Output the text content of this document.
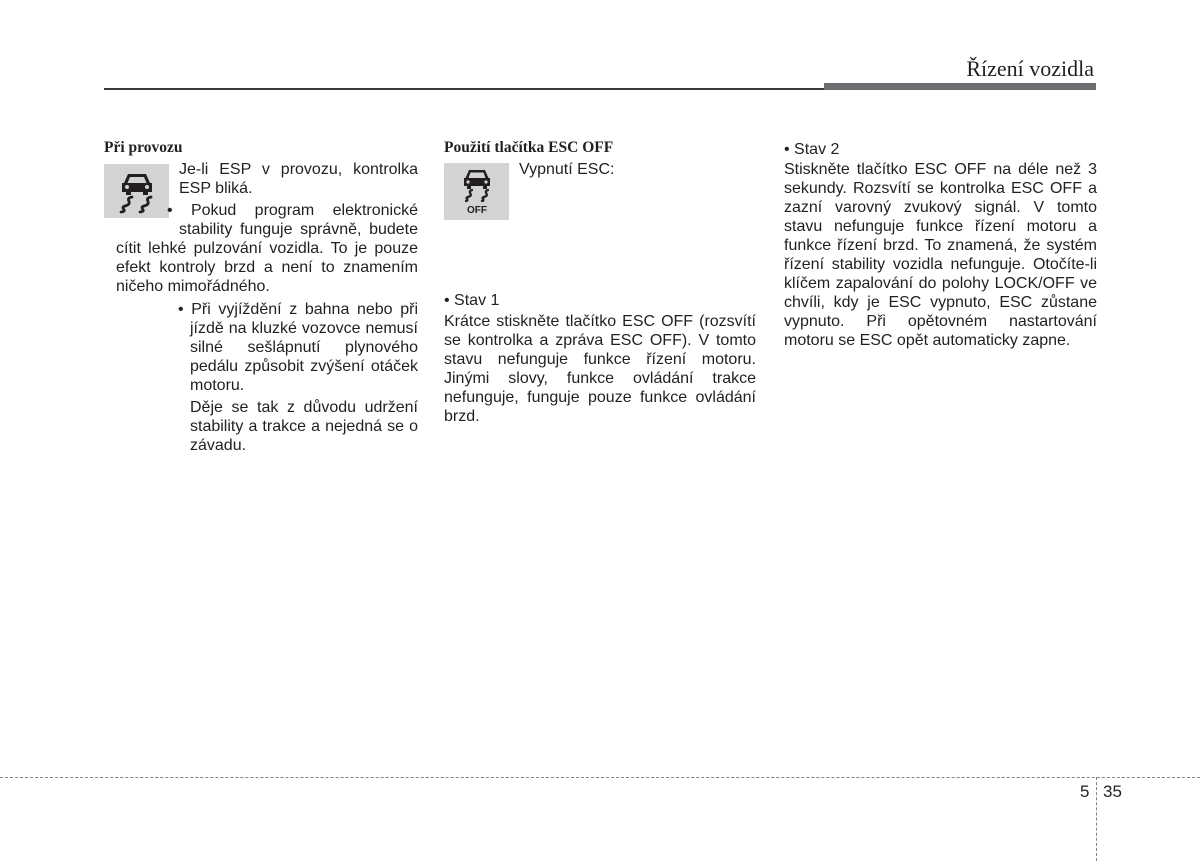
Řízení vozidla
Při provozu

Je-li ESP v provozu, kontrolka ESP bliká.

• Pokud program elektronické stability funguje správně, budete cítit lehké pulzování vozidla. To je pouze efekt kontroly brzd a není to znamením ničeho mimořádného.

• Při vyjíždění z bahna nebo při jízdě na kluzké vozovce nemusí silné sešlápnutí plynového pedálu způsobit zvýšení otáček motoru.

Děje se tak z důvodu udržení stability a trakce a nejedná se o závadu.

Použití tlačítka ESC OFF
OFF

Vypnutí ESC:

• Stav 1

Krátce stiskněte tlačítko ESC OFF (rozsvítí se kontrolka a zpráva ESC OFF). V tomto stavu nefunguje funkce řízení motoru. Jinými slovy, funkce ovládání trakce nefunguje, funguje pouze funkce ovládání brzd.

• Stav 2

Stiskněte tlačítko ESC OFF na déle než 3 sekundy. Rozsvítí se kontrolka ESC OFF a zazní varovný zvukový signál. V tomto stavu nefunguje funkce řízení motoru a funkce řízení brzd. To znamená, že systém řízení stability vozidla nefunguje. Otočíte-li klíčem zapalování do polohy LOCK/OFF ve chvíli, kdy je ESC vypnuto, ESC zůstane vypnuto. Při opětovném nastartování motoru se ESC opět automaticky zapne.

5 35
